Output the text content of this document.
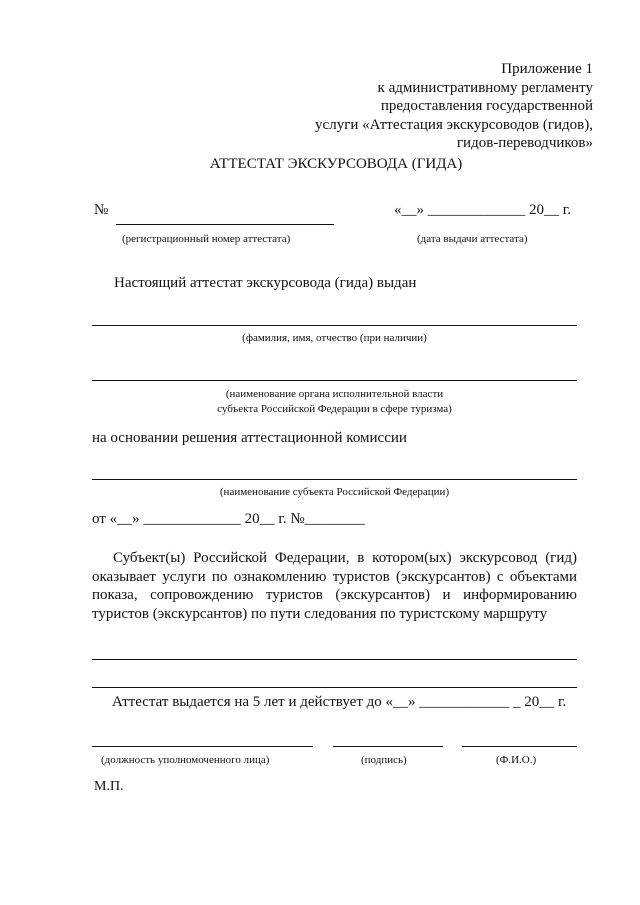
Приложение 1
к административному регламенту
предоставления государственной
услуги «Аттестация экскурсоводов (гидов),
гидов-переводчиков»
АТТЕСТАТ ЭКСКУРСОВОДА (ГИДА)
№	«__» _____________ 20__ г.
(регистрационный номер аттестата)	(дата выдачи аттестата)
Настоящий аттестат экскурсовода (гида) выдан
(фамилия, имя, отчество (при наличии)
(наименование органа исполнительной власти
субъекта Российской Федерации в сфере туризма)
на основании решения аттестационной комиссии
(наименование субъекта Российской Федерации)
от «__» _____________ 20__ г. №________
Субъект(ы) Российской Федерации, в котором(ых) экскурсовод (гид) оказывает услуги по ознакомлению туристов (экскурсантов) с объектами показа, сопровождению туристов (экскурсантов) и информированию туристов (экскурсантов) по пути следования по туристскому маршруту
Аттестат выдается на 5 лет и действует до «__» ____________ _ 20__ г.
(должность уполномоченного лица)	(подпись)	(Ф.И.О.)
М.П.
